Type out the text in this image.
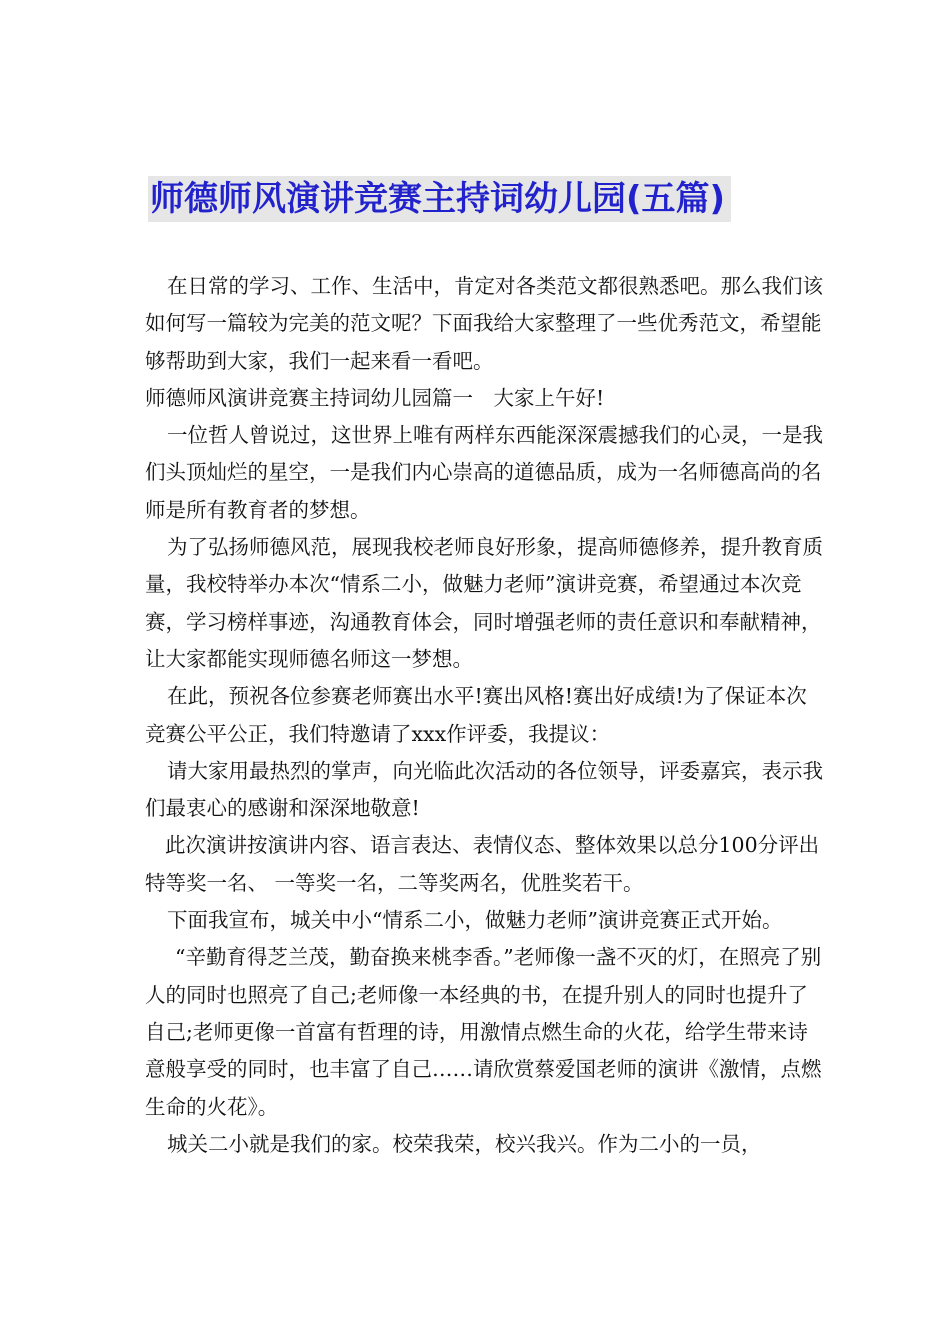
师德师风演讲竞赛主持词幼儿园(五篇)

在日常的学习、工作、生活中，肯定对各类范文都很熟悉吧。那么我们该如何写一篇较为完美的范文呢？下面我给大家整理了一些优秀范文，希望能够帮助到大家，我们一起来看一看吧。

师德师风演讲竞赛主持词幼儿园篇一　大家上午好!

一位哲人曾说过，这世界上唯有两样东西能深深震撼我们的心灵，一是我们头顶灿烂的星空，一是我们内心崇高的道德品质，成为一名师德高尚的名师是所有教育者的梦想。

为了弘扬师德风范，展现我校老师良好形象，提高师德修养，提升教育质量，我校特举办本次“情系二小，做魅力老师”演讲竞赛，希望通过本次竞赛，学习榜样事迹，沟通教育体会，同时增强老师的责任意识和奉献精神，让大家都能实现师德名师这一梦想。

在此，预祝各位参赛老师赛出水平!赛出风格!赛出好成绩!为了保证本次竞赛公平公正，我们特邀请了xxx作评委，我提议：

请大家用最热烈的掌声，向光临此次活动的各位领导，评委嘉宾，表示我们最衷心的感谢和深深地敬意!

此次演讲按演讲内容、语言表达、表情仪态、整体效果以总分100分评出特等奖一名、 一等奖一名，二等奖两名，优胜奖若干。

下面我宣布，城关中小“情系二小，做魅力老师”演讲竞赛正式开始。

“辛勤育得芝兰茂，勤奋换来桃李香。”老师像一盏不灭的灯，在照亮了别人的同时也照亮了自己;老师像一本经典的书，在提升别人的同时也提升了自己;老师更像一首富有哲理的诗，用激情点燃生命的火花，给学生带来诗意般享受的同时，也丰富了自己……请欣赏蔡爱国老师的演讲《激情，点燃生命的火花》。

城关二小就是我们的家。校荣我荣，校兴我兴。作为二小的一员，
